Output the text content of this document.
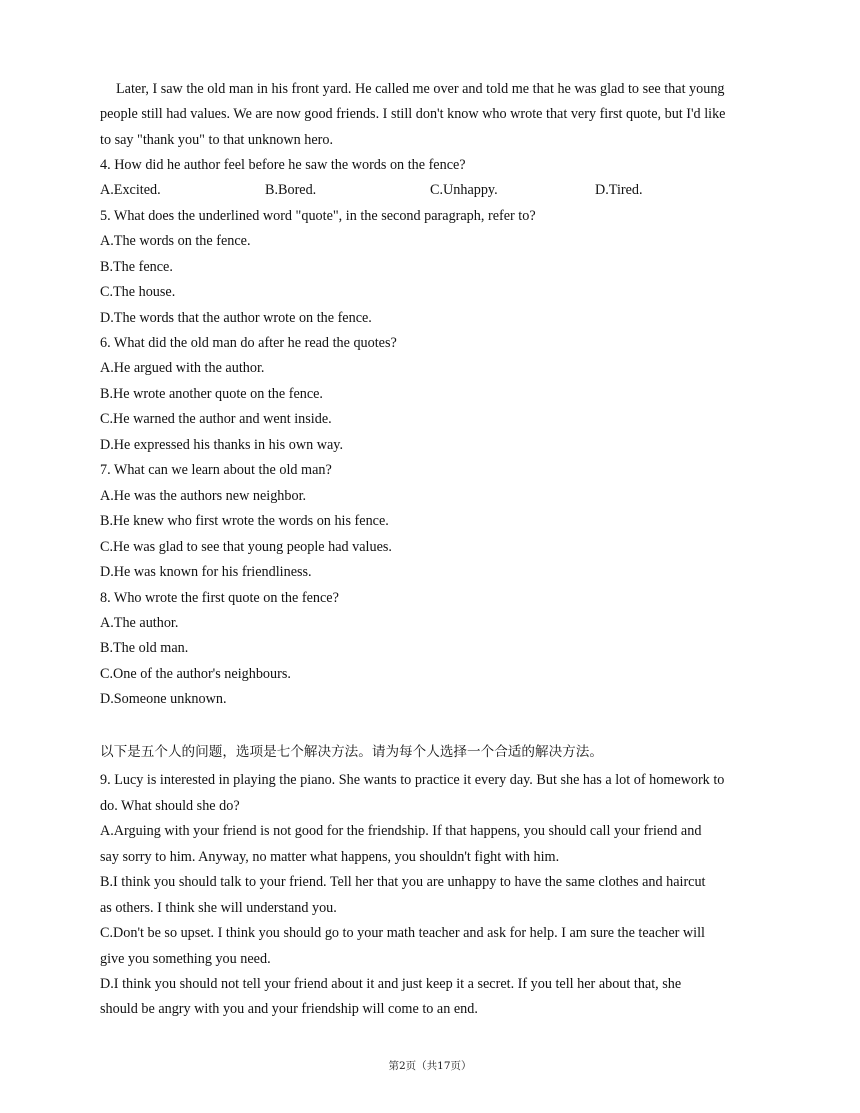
Later, I saw the old man in his front yard. He called me over and told me that he was glad to see that young
people still had values. We are now good friends. I still don't know who wrote that very first quote, but I'd like
to say "thank you" to that unknown hero.
4. How did he author feel before he saw the words on the fence?
A.Excited.	B.Bored.	C.Unhappy.	D.Tired.
5. What does the underlined word "quote", in the second paragraph, refer to?
A.The words on the fence.
B.The fence.
C.The house.
D.The words that the author wrote on the fence.
6. What did the old man do after he read the quotes?
A.He argued with the author.
B.He wrote another quote on the fence.
C.He warned the author and went inside.
D.He expressed his thanks in his own way.
7. What can we learn about the old man?
A.He was the authors new neighbor.
B.He knew who first wrote the words on his fence.
C.He was glad to see that young people had values.
D.He was known for his friendliness.
8. Who wrote the first quote on the fence?
A.The author.
B.The old man.
C.One of the author's neighbours.
D.Someone unknown.
以下是五个人的问题，选项是七个解决方法。请为每个人选择一个合适的解决方法。
9. Lucy is interested in playing the piano. She wants to practice it every day. But she has a lot of homework to
do. What should she do?
A.Arguing with your friend is not good for the friendship. If that happens, you should call your friend and
say sorry to him. Anyway, no matter what happens, you shouldn't fight with him.
B.I think you should talk to your friend. Tell her that you are unhappy to have the same clothes and haircut
as others. I think she will understand you.
C.Don't be so upset. I think you should go to your math teacher and ask for help. I am sure the teacher will
give you something you need.
D.I think you should not tell your friend about it and just keep it a secret. If you tell her about that, she
should be angry with you and your friendship will come to an end.
第2页（共17页）
